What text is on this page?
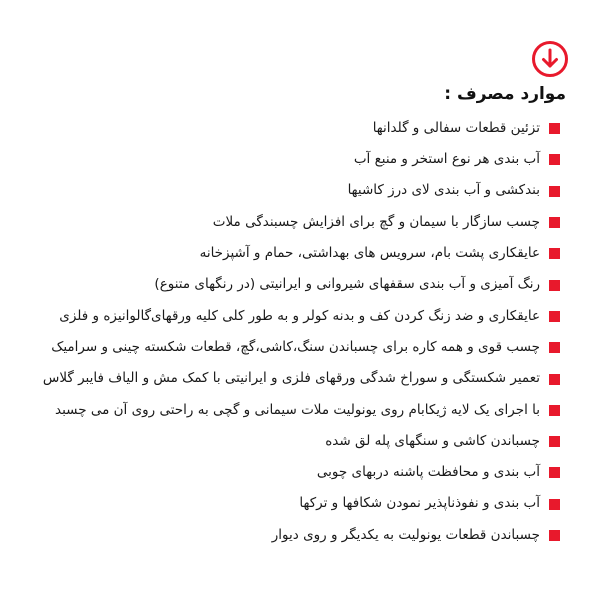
موارد مصرف :
تزئین قطعات سفالی و گلدانها
آب بندی هر نوع استخر و منبع آب
بندکشی و آب بندی لای درز کاشیها
چسب سازگار با سیمان و گچ برای افزایش چسبندگی ملات
عایقکاری پشت بام، سرویس های بهداشتی، حمام و آشپزخانه
رنگ آمیزی و آب بندی سقفهای شیروانی و ایرانیتی (در رنگهای متنوع)
عایقکاری و ضد زنگ کردن کف و بدنه کولر و به طور کلی کلیه ورقهای‌گالوانیزه و فلزی
چسب قوی و همه کاره برای چسباندن سنگ،کاشی،گچ، قطعات شکسته چینی و سرامیک
تعمیر شکستگی و سوراخ شدگی ورقهای فلزی و ایرانیتی با کمک مش و الیاف فایبر گلاس
با اجرای یک لایه ژیکابام روی یونولیت ملات سیمانی و گچی به راحتی روی آن می چسبد
چسباندن کاشی و سنگهای پله لق شده
آب بندی و محافظت پاشنه دربهای چوبی
آب بندی و نفوذناپذیر نمودن شکافها و ترکها
چسباندن قطعات یونولیت به یکدیگر و روی دیوار
